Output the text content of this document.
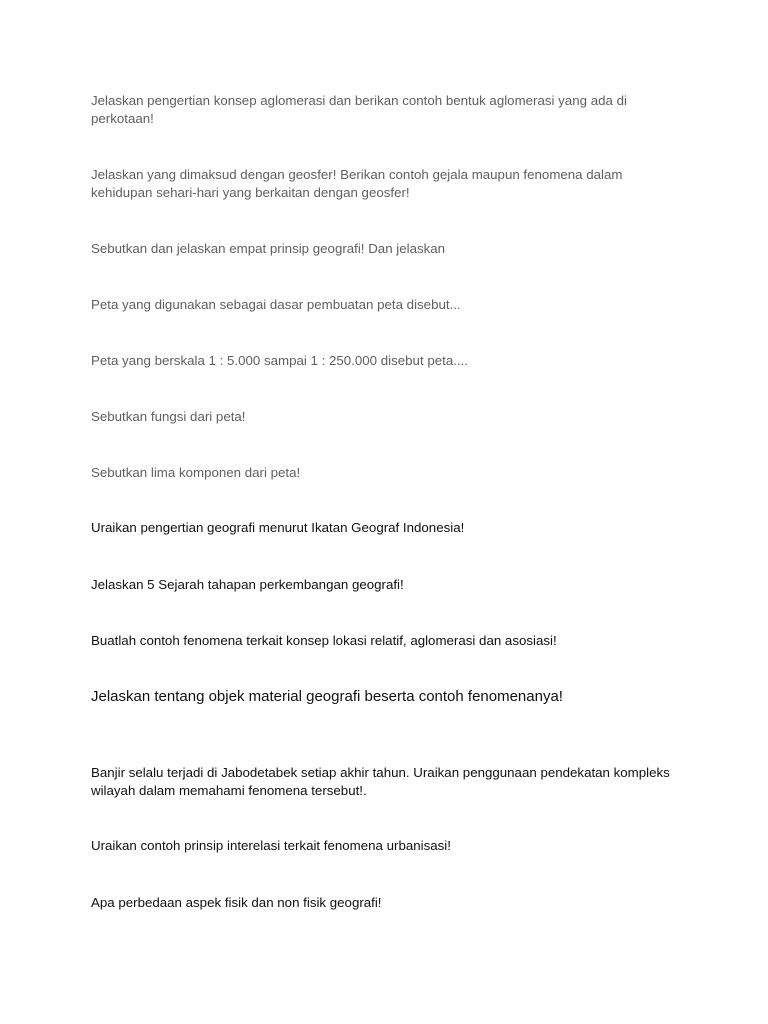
Jelaskan pengertian konsep aglomerasi dan berikan contoh bentuk aglomerasi yang ada di perkotaan!

Jelaskan yang dimaksud dengan geosfer! Berikan contoh gejala maupun fenomena dalam kehidupan sehari-hari yang berkaitan dengan geosfer!

Sebutkan dan jelaskan empat prinsip geografi! Dan jelaskan

Peta yang digunakan sebagai dasar pembuatan peta disebut...

Peta yang berskala 1 : 5.000 sampai 1 : 250.000 disebut peta....

Sebutkan fungsi dari peta!

Sebutkan lima komponen dari peta!

Uraikan pengertian geografi menurut Ikatan Geograf Indonesia!

Jelaskan 5 Sejarah tahapan perkembangan geografi!

Buatlah contoh fenomena terkait konsep lokasi relatif, aglomerasi dan asosiasi!

Jelaskan tentang objek material geografi beserta contoh fenomenanya!

Banjir selalu terjadi di Jabodetabek setiap akhir tahun. Uraikan penggunaan pendekatan kompleks wilayah dalam memahami fenomena tersebut!.

Uraikan contoh prinsip interelasi terkait fenomena urbanisasi!

Apa perbedaan aspek fisik dan non fisik geografi!
